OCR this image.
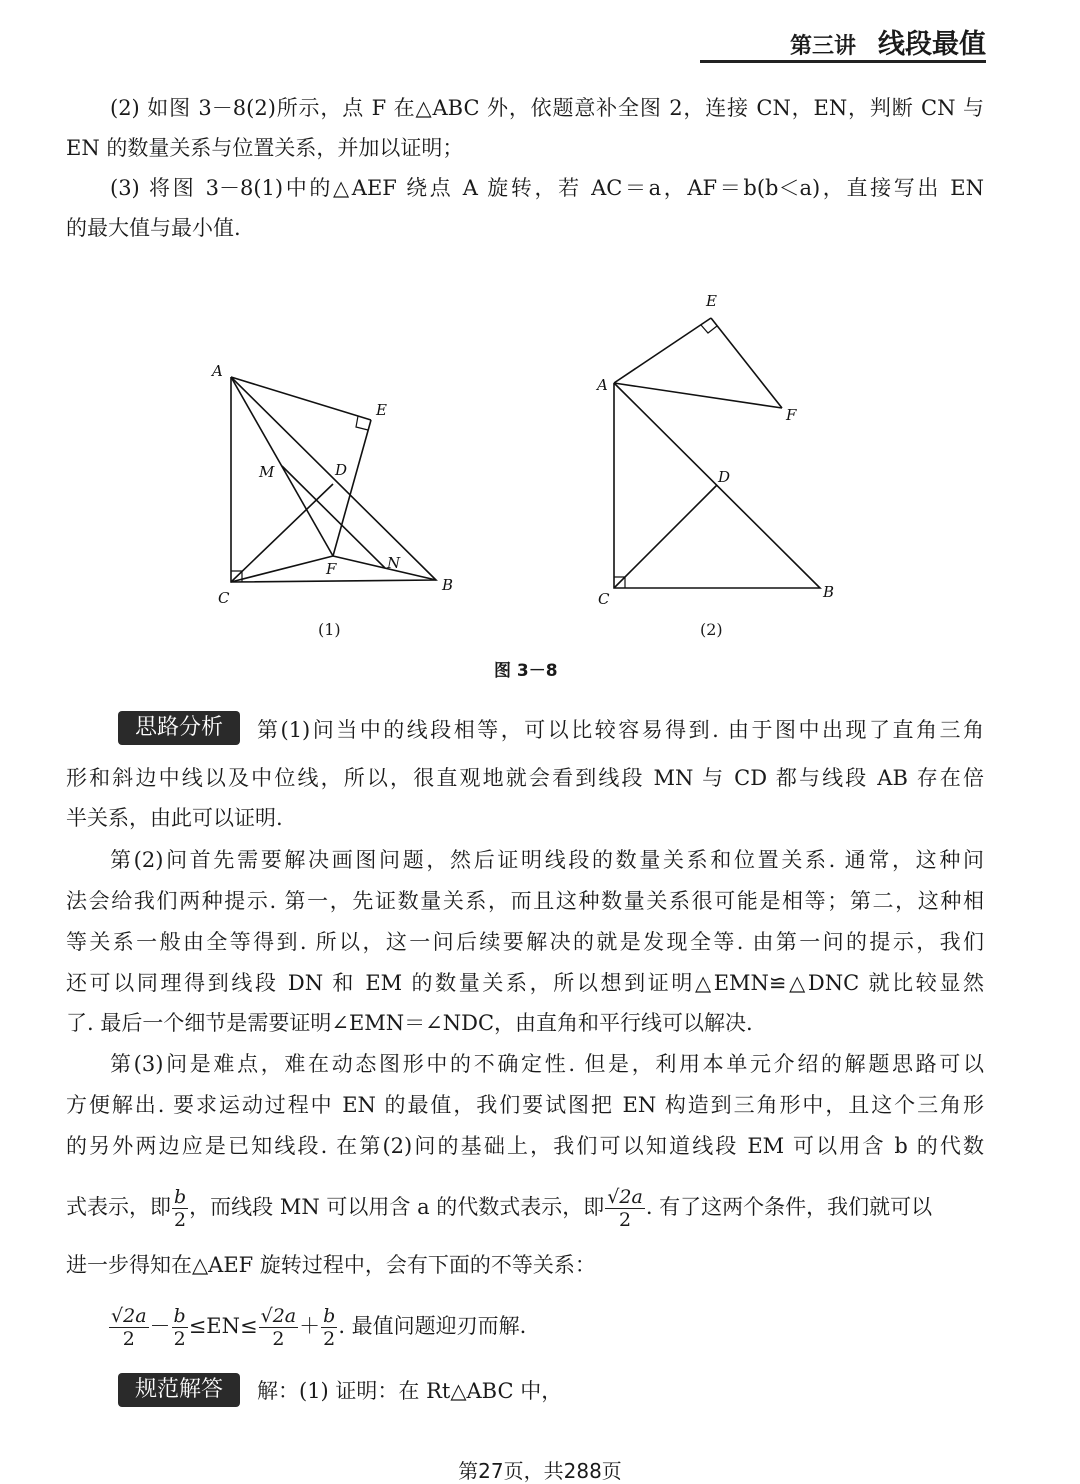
第三讲 线段最值
(2) 如图 3－8(2)所示，点 F 在△ABC 外，依题意补全图 2，连接 CN，EN，判断 CN 与
EN 的数量关系与位置关系，并加以证明；
(3) 将图 3－8(1)中的△AEF 绕点 A 旋转，若 AC＝a，AF＝b(b＜a)，直接写出 EN
的最大值与最小值.
A
E
M	D
F	N
C
B
E
A
F
D
C	B
(1)	(2)
图 3－8
思路分析	第(1)问当中的线段相等，可以比较容易得到. 由于图中出现了直角三角
形和斜边中线以及中位线，所以，很直观地就会看到线段 MN 与 CD 都与线段 AB 存在倍
半关系，由此可以证明.
第(2)问首先需要解决画图问题，然后证明线段的数量关系和位置关系. 通常，这种问
法会给我们两种提示. 第一，先证数量关系，而且这种数量关系很可能是相等；第二，这种相
等关系一般由全等得到. 所以，这一问后续要解决的就是发现全等. 由第一问的提示，我们
还可以同理得到线段 DN 和 EM 的数量关系，所以想到证明△EMN≌△DNC 就比较显然
了. 最后一个细节是需要证明∠EMN＝∠NDC，由直角和平行线可以解决.
第(3)问是难点，难在动态图形中的不确定性. 但是，利用本单元介绍的解题思路可以
方便解出. 要求运动过程中 EN 的最值，我们要试图把 EN 构造到三角形中，且这个三角形
的另外两边应是已知线段. 在第(2)问的基础上，我们可以知道线段 EM 可以用含 b 的代数
式表示，即 $\frac{b}{2}$ ，而线段 MN 可以用含 a 的代数式表示，即 $\frac{√2a}{2}$ . 有了这两个条件，我们就可以
进一步得知在△AEF 旋转过程中，会有下面的不等关系：
$\frac{√2a}{2} - \frac{b}{2} \le EN\le \frac{√2a}{2} + \frac{b}{2}$ . 最值问题迎刃而解.
规范解答	解：(1) 证明：在 Rt△ABC 中，
第27页，共288页
